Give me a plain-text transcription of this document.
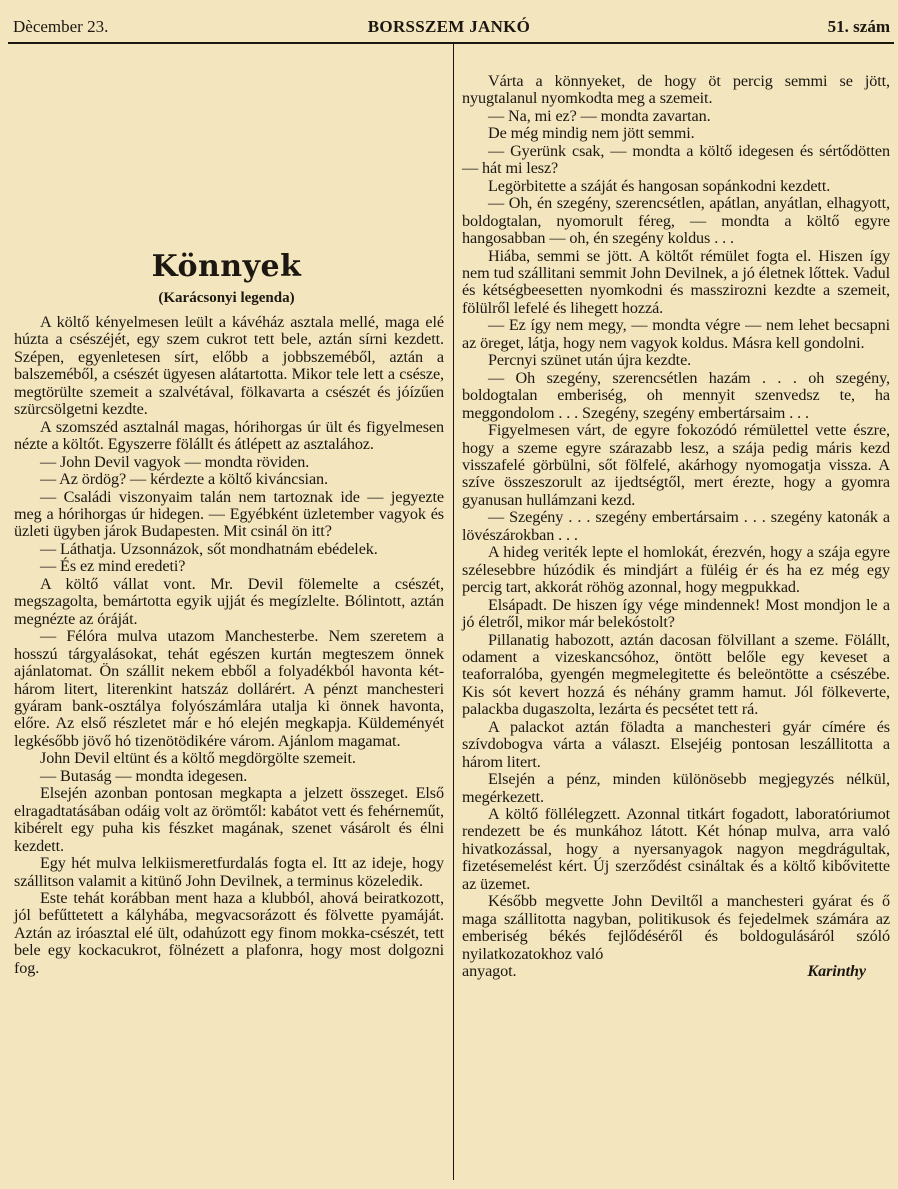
Dècember 23.	BORSSZEM JANKÓ	51. szám
Könnyek
(Karácsonyi legenda)

A költő kényelmesen leült a kávéház asztala mellé, maga elé húzta a csészéjét, egy szem cukrot tett bele, aztán sírni kezdett. Szépen, egyenletesen sírt, előbb a jobbszeméből, aztán a balszeméből, a csészét ügyesen alátartotta. Mikor tele lett a csésze, megtörülte szemeit a szalvétával, fölkavarta a csészét és jóízűen szürcsölgetni kezdte.

A szomszéd asztalnál magas, hórihorgas úr ült és figyelmesen nézte a költőt. Egyszerre fölállt és átlépett az asztalához.

— John Devil vagyok — mondta röviden.

— Az ördög? — kérdezte a költő kiváncsian.

— Családi viszonyaim talán nem tartoznak ide — jegyezte meg a hórihorgas úr hidegen. — Egyébként üzletember vagyok és üzleti ügyben járok Budapesten. Mit csinál ön itt?

— Láthatja. Uzsonnázok, sőt mondhatnám ebédelek.

— És ez mind eredeti?

A költő vállat vont. Mr. Devil fölemelte a csészét, megszagolta, bemártotta egyik ujját és megízlelte. Bólintott, aztán megnézte az óráját.

— Félóra mulva utazom Manchesterbe. Nem szeretem a hosszú tárgyalásokat, tehát egészen kurtán megteszem önnek ajánlatomat. Ön szállit nekem ebből a folyadékból havonta két-három litert, literenkint hatszáz dollárért. A pénzt manchesteri gyáram bank-osztálya folyószámlára utalja ki önnek havonta, előre. Az első részletet már e hó elején megkapja. Küldeményét legkésőbb jövő hó tizenötödikére várom. Ajánlom magamat.

John Devil eltünt és a költő megdörgölte szemeit.

— Butaság — mondta idegesen.

Elsején azonban pontosan megkapta a jelzett összeget. Első elragadtatásában odáig volt az örömtől: kabátot vett és fehérneműt, kibérelt egy puha kis fészket magának, szenet vásárolt és élni kezdett.

Egy hét mulva lelkiismeretfurdalás fogta el. Itt az ideje, hogy szállitson valamit a kitünő John Devilnek, a terminus közeledik.

Este tehát korábban ment haza a klubból, ahová beiratkozott, jól befűttetett a kályhába, megvacsorázott és fölvette pyamáját. Aztán az iróasztal elé ült, odahúzott egy finom mokka-csészét, tett bele egy kockacukrot, fölnézett a plafonra, hogy most dolgozni fog.

Várta a könnyeket, de hogy öt percig semmi se jött, nyugtalanul nyomkodta meg a szemeit.

— Na, mi ez? — mondta zavartan.

De még mindig nem jött semmi.

— Gyerünk csak, — mondta a költő idegesen és sértődötten — hát mi lesz?

Legörbitette a száját és hangosan sopánkodni kezdett.

— Oh, én szegény, szerencsétlen, apátlan, anyátlan, elhagyott, boldogtalan, nyomorult féreg, — mondta a költő egyre hangosabban — oh, én szegény koldus . . .

Hiába, semmi se jött. A költőt rémület fogta el. Hiszen így nem tud szállitani semmit John Devilnek, a jó életnek lőttek. Vadul és kétségbeesetten nyomkodni és masszirozni kezdte a szemeit, fölülről lefelé és lihegett hozzá.

— Ez így nem megy, — mondta végre — nem lehet becsapni az öreget, látja, hogy nem vagyok koldus. Másra kell gondolni.

Percnyi szünet után újra kezdte.

— Oh szegény, szerencsétlen hazám . . . oh szegény, boldogtalan emberiség, oh mennyit szenvedsz te, ha meggondolom . . . Szegény, szegény embertársaim . . .

Figyelmesen várt, de egyre fokozódó rémülettel vette észre, hogy a szeme egyre szárazabb lesz, a szája pedig máris kezd visszafelé görbülni, sőt fölfelé, akárhogy nyomogatja vissza. A szíve összeszorult az ijedtségtől, mert érezte, hogy a gyomra gyanusan hullámzani kezd.

— Szegény . . . szegény embertársaim . . . szegény katonák a lövészárokban . . .

A hideg veriték lepte el homlokát, érezvén, hogy a szája egyre szélesebbre húzódik és mindjárt a füléig ér és ha ez még egy percig tart, akkorát röhög azonnal, hogy megpukkad.

Elsápadt. De hiszen így vége mindennek! Most mondjon le a jó életről, mikor már belekóstolt?

Pillanatig habozott, aztán dacosan fölvillant a szeme. Fölállt, odament a vizeskancsóhoz, öntött belőle egy keveset a teaforralóba, gyengén megmelegitette és beleöntötte a csészébe. Kis sót kevert hozzá és néhány gramm hamut. Jól fölkeverte, palackba dugaszolta, lezárta és pecsétet tett rá.

A palackot aztán föladta a manchesteri gyár címére és szívdobogva várta a választ. Elsejéig pontosan leszállitotta a három litert.

Elsején a pénz, minden különösebb megjegyzés nélkül, megérkezett.

A költő föllélegzett. Azonnal titkárt fogadott, laboratóriumot rendezett be és munkához látott. Két hónap mulva, arra való hivatkozással, hogy a nyersanyagok nagyon megdrágultak, fizetésemelést kért. Új szerződést csináltak és a költő kibővitette az üzemet.

Később megvette John Deviltől a manchesteri gyárat és ő maga szállitotta nagyban, politikusok és fejedelmek számára az emberiség békés fejlődéséről és boldogulásáról szóló nyilatkozatokhoz való

anyagot.	Karinthy
